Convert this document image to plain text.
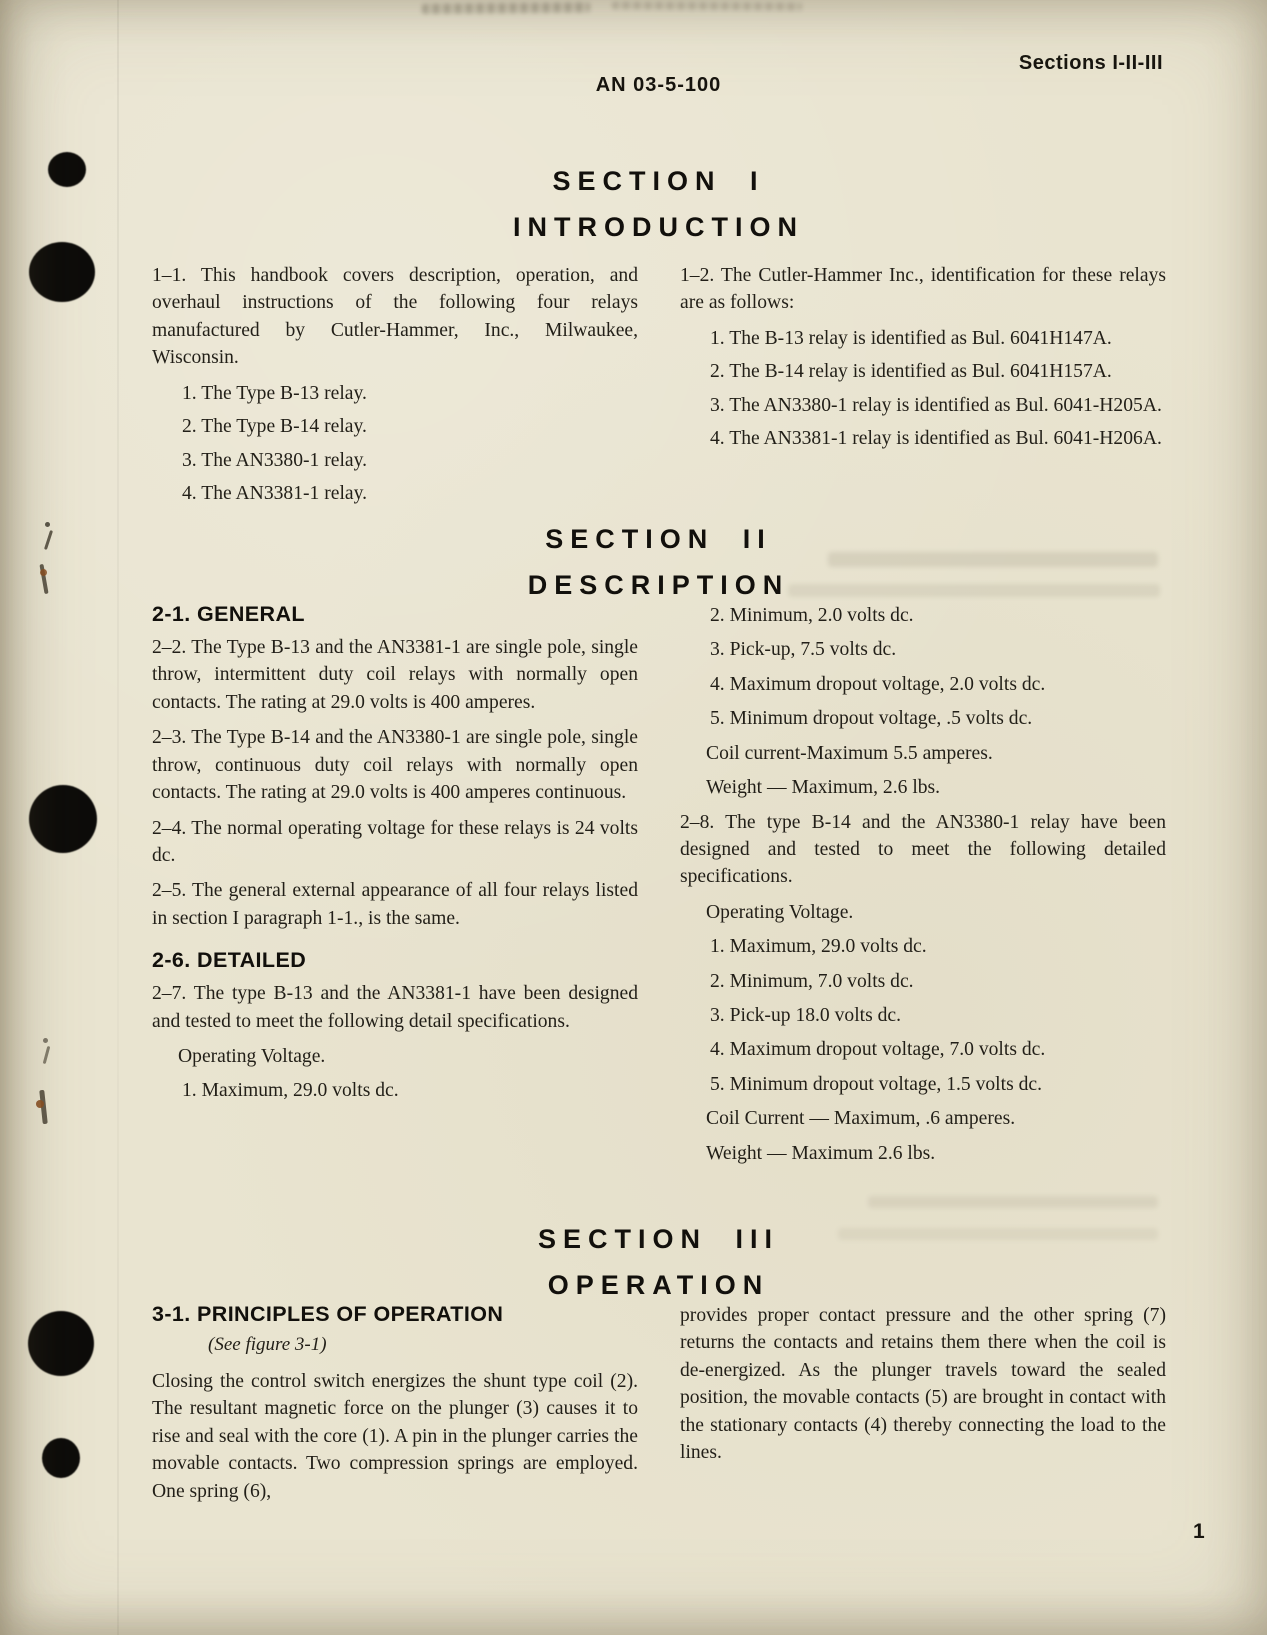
Sections I-II-III
1
AN 03-5-100
SECTION I
INTRODUCTION

1–1. This handbook covers description, operation, and overhaul instructions of the following four relays manufactured by Cutler-Hammer, Inc., Milwaukee, Wisconsin.

1. The Type B-13 relay.

2. The Type B-14 relay.

3. The AN3380-1 relay.

4. The AN3381-1 relay.

1–2. The Cutler-Hammer Inc., identification for these relays are as follows:

1. The B-13 relay is identified as Bul. 6041H147A.

2. The B-14 relay is identified as Bul. 6041H157A.

3. The AN3380-1 relay is identified as Bul. 6041-H205A.

4. The AN3381-1 relay is identified as Bul. 6041-H206A.

SECTION II
DESCRIPTION
2-1. GENERAL

2–2. The Type B-13 and the AN3381-1 are single pole, single throw, intermittent duty coil relays with normally open contacts. The rating at 29.0 volts is 400 amperes.

2–3. The Type B-14 and the AN3380-1 are single pole, single throw, continuous duty coil relays with normally open contacts. The rating at 29.0 volts is 400 amperes continuous.

2–4. The normal operating voltage for these relays is 24 volts dc.

2–5. The general external appearance of all four relays listed in section I paragraph 1-1., is the same.

2-6. DETAILED

2–7. The type B-13 and the AN3381-1 have been designed and tested to meet the following detail specifications.

Operating Voltage.

1. Maximum, 29.0 volts dc.

2. Minimum, 2.0 volts dc.

3. Pick-up, 7.5 volts dc.

4. Maximum dropout voltage, 2.0 volts dc.

5. Minimum dropout voltage, .5 volts dc.

Coil current-Maximum 5.5 amperes.

Weight — Maximum, 2.6 lbs.

2–8. The type B-14 and the AN3380-1 relay have been designed and tested to meet the following detailed specifications.

Operating Voltage.

1. Maximum, 29.0 volts dc.

2. Minimum, 7.0 volts dc.

3. Pick-up 18.0 volts dc.

4. Maximum dropout voltage, 7.0 volts dc.

5. Minimum dropout voltage, 1.5 volts dc.

Coil Current — Maximum, .6 amperes.

Weight — Maximum 2.6 lbs.

SECTION III
OPERATION
3-1. PRINCIPLES OF OPERATION

(See figure 3-1)

Closing the control switch energizes the shunt type coil (2). The resultant magnetic force on the plunger (3) causes it to rise and seal with the core (1). A pin in the plunger carries the movable contacts. Two compression springs are employed. One spring (6),

provides proper contact pressure and the other spring (7) returns the contacts and retains them there when the coil is de-energized. As the plunger travels toward the sealed position, the movable contacts (5) are brought in contact with the stationary contacts (4) thereby connecting the load to the lines.
